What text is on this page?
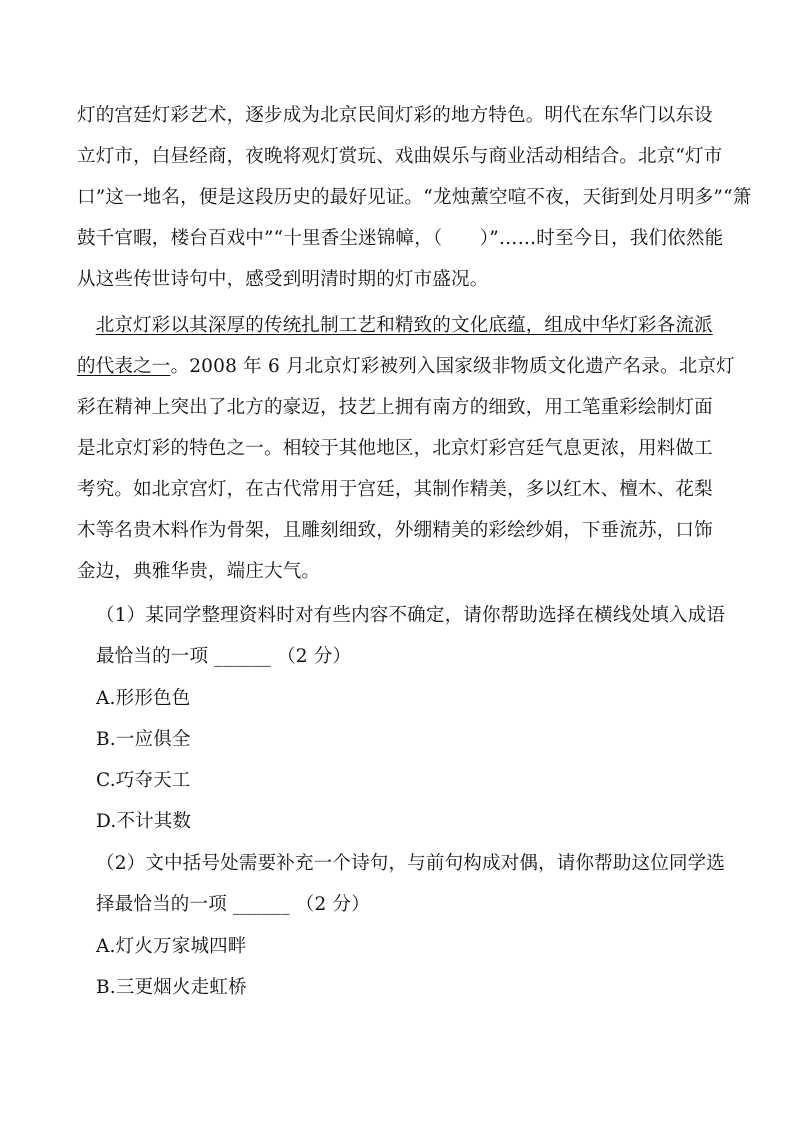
灯的宫廷灯彩艺术，逐步成为北京民间灯彩的地方特色。明代在东华门以东设
立灯市，白昼经商，夜晚将观灯赏玩、戏曲娱乐与商业活动相结合。北京“灯市
口”这一地名，便是这段历史的最好见证。“龙烛薰空喧不夜，天街到处月明多”“箫
鼓千官暇，楼台百戏中”“十里香尘迷锦幛，（　　）”……时至今日，我们依然能
从这些传世诗句中，感受到明清时期的灯市盛况。
　北京灯彩以其深厚的传统扎制工艺和精致的文化底蕴，组成中华灯彩各流派
的代表之一。2008 年 6 月北京灯彩被列入国家级非物质文化遗产名录。北京灯
彩在精神上突出了北方的豪迈，技艺上拥有南方的细致，用工笔重彩绘制灯面
是北京灯彩的特色之一。相较于其他地区，北京灯彩宫廷气息更浓，用料做工
考究。如北京宫灯，在古代常用于宫廷，其制作精美，多以红木、檀木、花梨
木等名贵木料作为骨架，且雕刻细致，外绷精美的彩绘纱娟，下垂流苏，口饰
金边，典雅华贵，端庄大气。
（1）某同学整理资料时对有些内容不确定，请你帮助选择在横线处填入成语
最恰当的一项 ______ （2 分）
A.形形色色
B.一应俱全
C.巧夺天工
D.不计其数
（2）文中括号处需要补充一个诗句，与前句构成对偶，请你帮助这位同学选
择最恰当的一项 ______ （2 分）
A.灯火万家城四畔
B.三更烟火走虹桥
